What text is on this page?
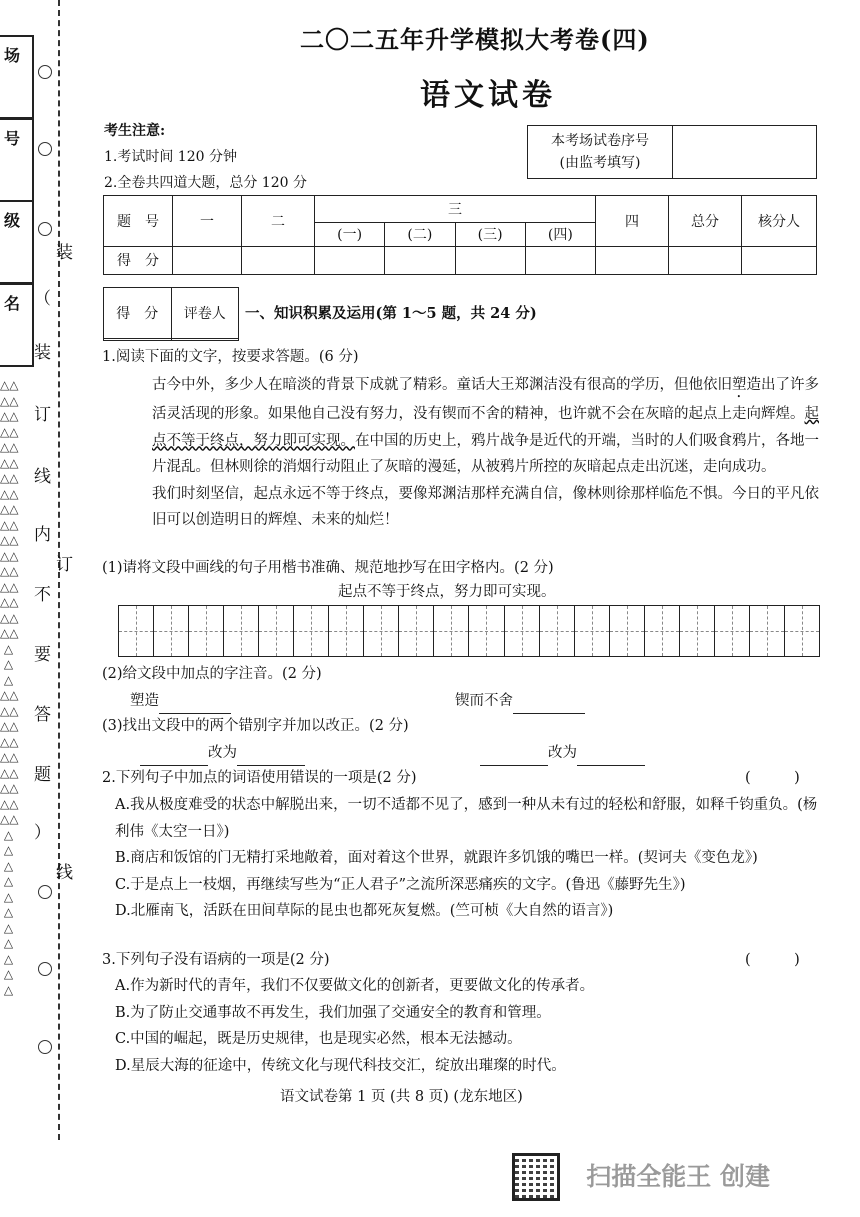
场
号
级
名
△△
△△
△△
△△
△△
△△
△△
△△
△△
△△
△△
△△
△△
△△
△△
△△
△△
△
△
△
△△
△△
△△
△△
△△
△△
△△
△△
△△
△
△
△
△
△
△
△
△
△
△
△
装
（
装
订
线
内
订
不
要
答
题
）
线
二〇二五年升学模拟大考卷(四)
语文试卷
考生注意:
1.考试时间 120 分钟
2.全卷共四道大题，总分 120 分
本考场试卷序号
(由监考填写)

题　号	一	二	三				四	总分	核分人
			(一)	(二)	(三)	(四)			
得　分									
得　分	评卷人
	一、知识积累及运用(第 1～5 题，共 24 分)
1.阅读下面的文字，按要求答题。(6 分)
古今中外，多少人在暗淡的背景下成就了精彩。童话大王郑渊洁没有很高的学历，但他依旧塑造出了许多活灵活现的形象。如果他自己没有努力，没有锲而不舍的精神，也许就不会在灰暗的起点上走向辉煌。起点不等于终点，努力即可实现。在中国的历史上，鸦片战争是近代的开端，当时的人们吸食鸦片，各地一片混乱。但林则徐的消烟行动阻止了灰暗的漫延，从被鸦片所控的灰暗起点走出沉迷，走向成功。
我们时刻坚信，起点永远不等于终点，要像郑渊洁那样充满自信，像林则徐那样临危不惧。今日的平凡依旧可以创造明日的辉煌、未来的灿烂！
(1)请将文段中画线的句子用楷书准确、规范地抄写在田字格内。(2 分)
起点不等于终点，努力即可实现。
(2)给文段中加点的字注音。(2 分)
塑造	锲而不舍
(3)找出文段中的两个错别字并加以改正。(2 分)
改为	改为
2.下列句子中加点的词语使用错误的一项是(2 分)	(　　　)
A.我从极度难受的状态中解脱出来，一切不适都不见了，感到一种从未有过的轻松和舒服，如释千钧重负。(杨利伟《太空一日》)
B.商店和饭馆的门无精打采地敞着，面对着这个世界，就跟许多饥饿的嘴巴一样。(契诃夫《变色龙》)
C.于是点上一枝烟，再继续写些为“正人君子”之流所深恶痛疾的文字。(鲁迅《藤野先生》)
D.北雁南飞，活跃在田间草际的昆虫也都死灰复燃。(竺可桢《大自然的语言》)
3.下列句子没有语病的一项是(2 分)	(　　　)
A.作为新时代的青年，我们不仅要做文化的创新者，更要做文化的传承者。
B.为了防止交通事故不再发生，我们加强了交通安全的教育和管理。
C.中国的崛起，既是历史规律，也是现实必然，根本无法撼动。
D.星辰大海的征途中，传统文化与现代科技交汇，绽放出璀璨的时代。
语文试卷第 1 页 (共 8 页) (龙东地区)
扫描全能王 创建
